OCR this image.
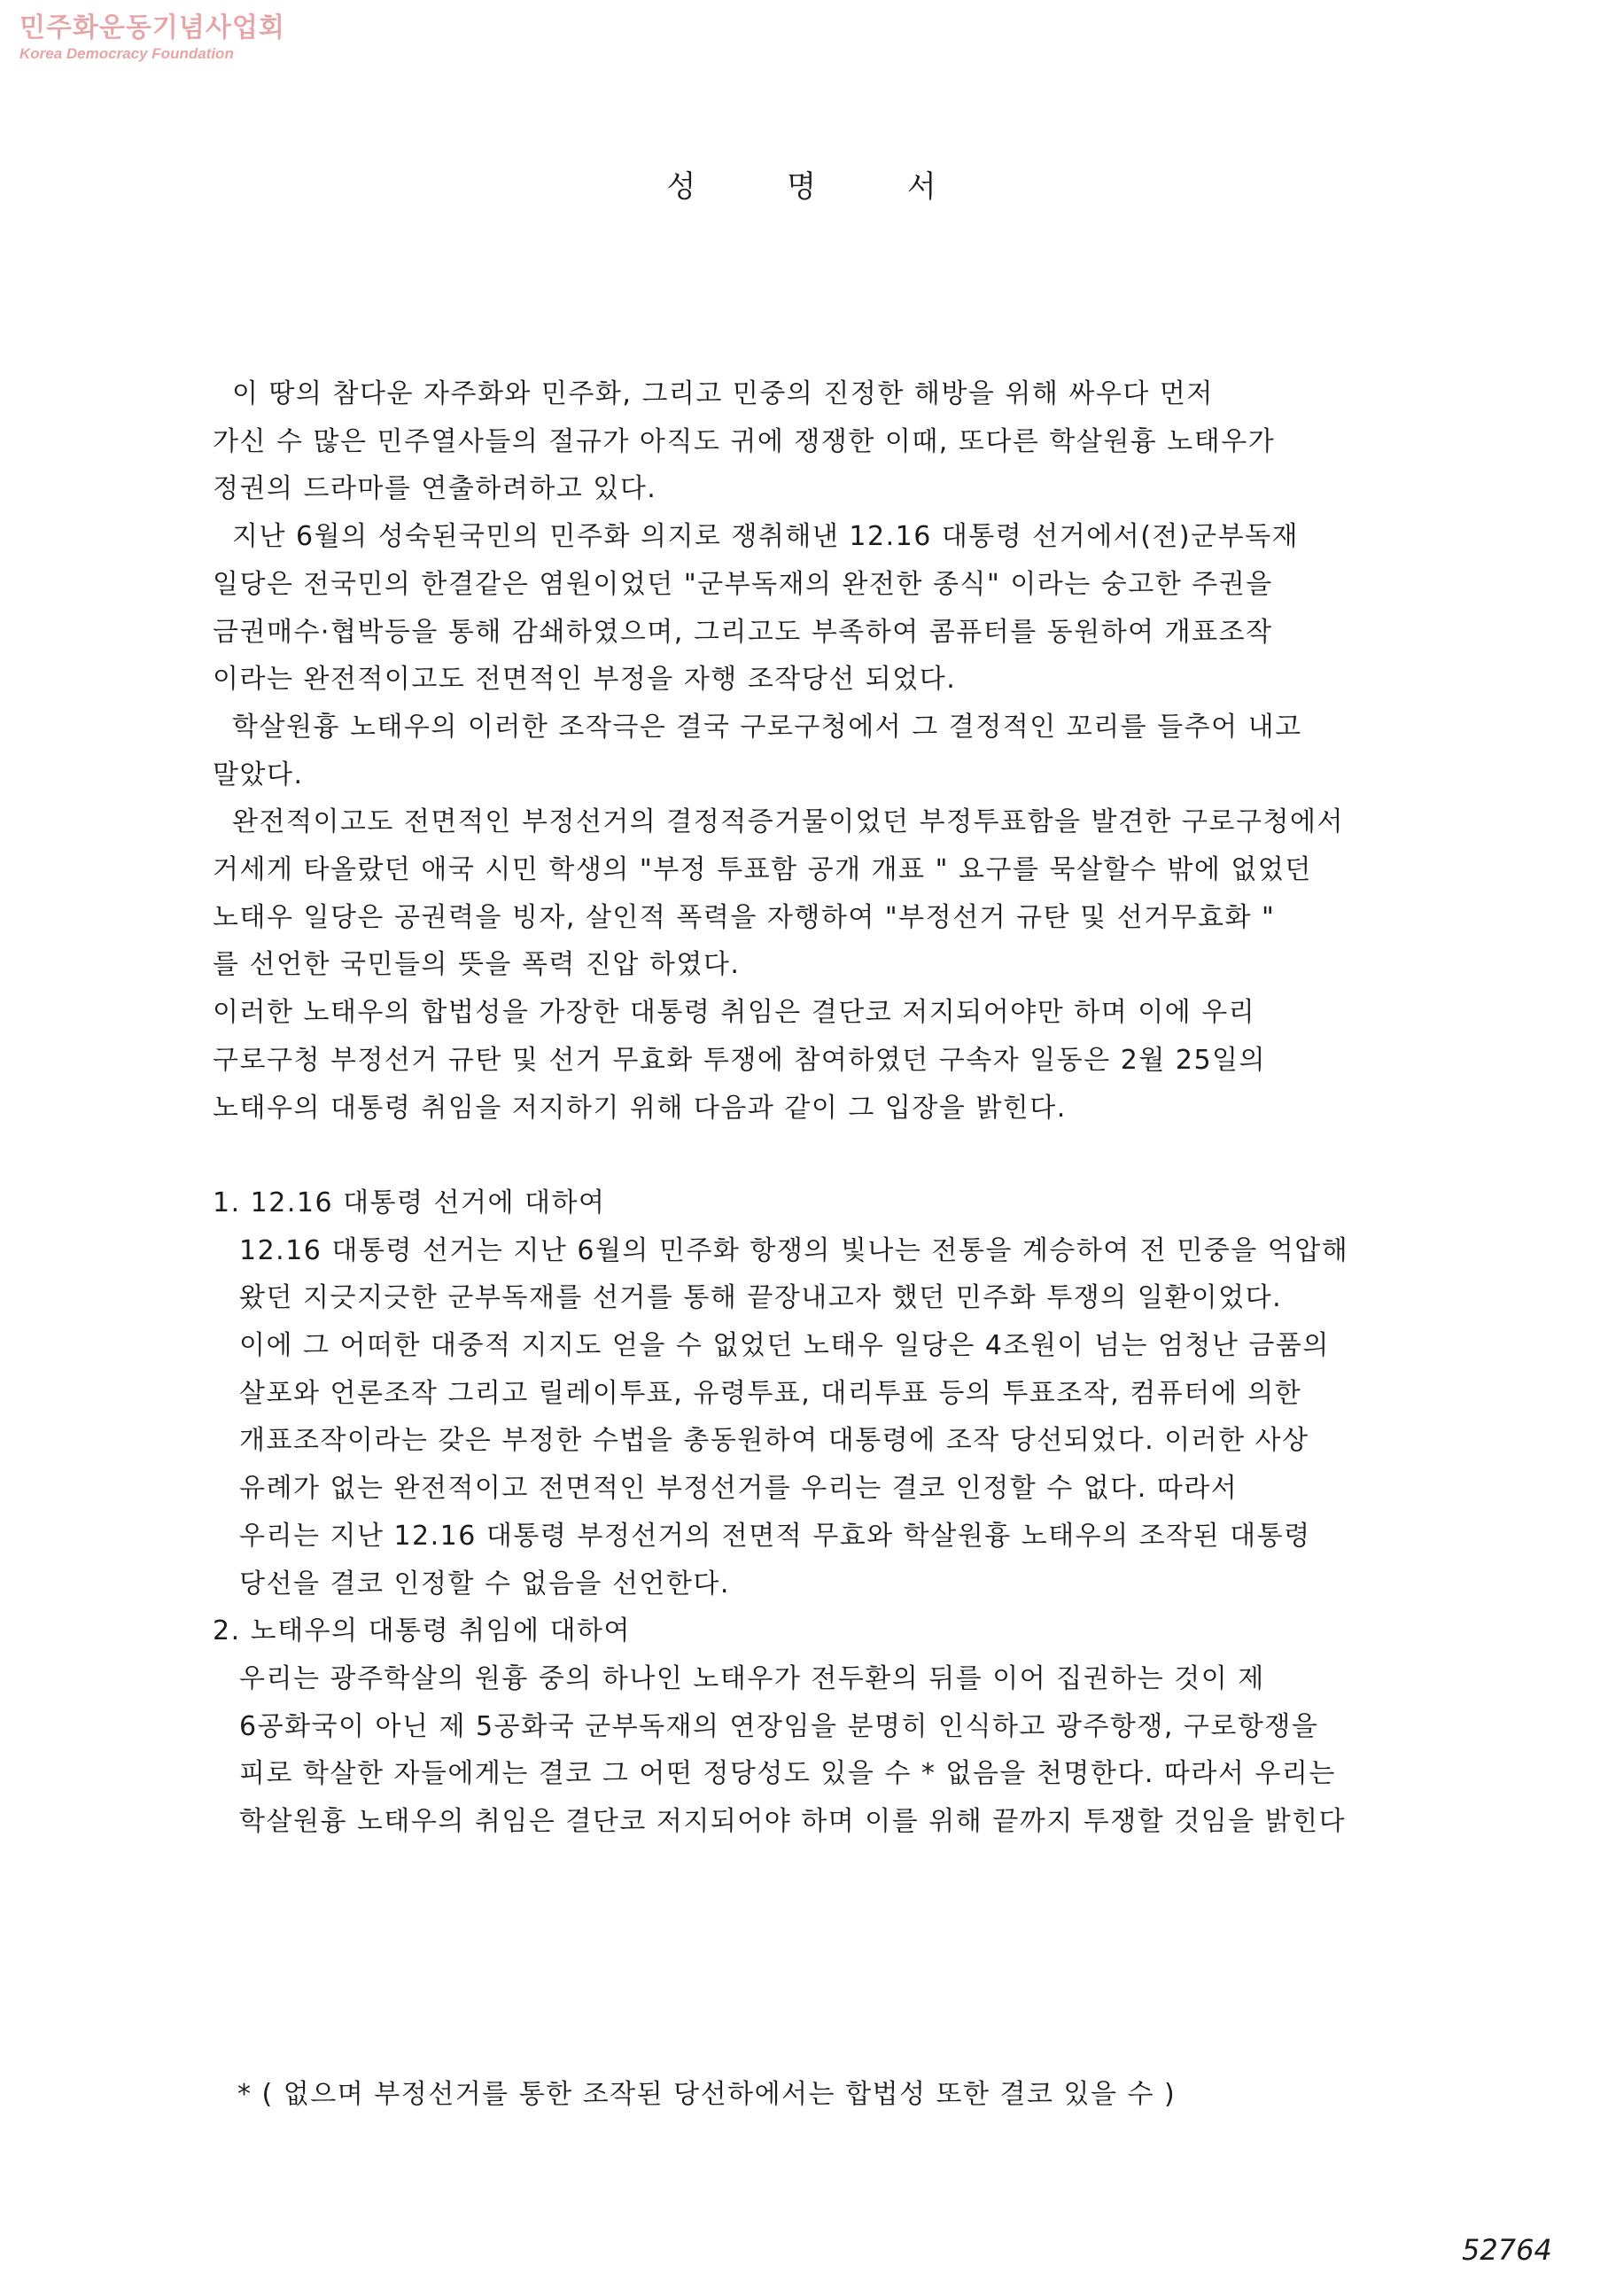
민주화운동기념사업회
Korea Democracy Foundation
성 명 서
이 땅의 참다운 자주화와 민주화, 그리고 민중의 진정한 해방을 위해 싸우다 먼저
가신 수 많은 민주열사들의 절규가 아직도 귀에 쟁쟁한 이때, 또다른 학살원흉 노태우가
정권의 드라마를 연출하려하고 있다.
지난 6월의 성숙된국민의 민주화 의지로 쟁취해낸 12.16 대통령 선거에서(전)군부독재
일당은 전국민의 한결같은 염원이었던 "군부독재의 완전한 종식" 이라는 숭고한 주권을
금권매수·협박등을 통해 감쇄하였으며, 그리고도 부족하여 콤퓨터를 동원하여 개표조작
이라는 완전적이고도 전면적인 부정을 자행 조작당선 되었다.
학살원흉 노태우의 이러한 조작극은 결국 구로구청에서 그 결정적인 꼬리를 들추어 내고
말았다.
완전적이고도 전면적인 부정선거의 결정적증거물이었던 부정투표함을 발견한 구로구청에서
거세게 타올랐던 애국 시민 학생의 "부정 투표함 공개 개표 " 요구를 묵살할수 밖에 없었던
노태우 일당은 공권력을 빙자, 살인적 폭력을 자행하여 "부정선거 규탄 및 선거무효화 "
를 선언한 국민들의 뜻을 폭력 진압 하였다.
이러한 노태우의 합법성을 가장한 대통령 취임은 결단코 저지되어야만 하며 이에 우리
구로구청 부정선거 규탄 및 선거 무효화 투쟁에 참여하였던 구속자 일동은 2월 25일의
노태우의 대통령 취임을 저지하기 위해 다음과 같이 그 입장을 밝힌다.

1. 12.16 대통령 선거에 대하여
12.16 대통령 선거는 지난 6월의 민주화 항쟁의 빛나는 전통을 계승하여 전 민중을 억압해
왔던 지긋지긋한 군부독재를 선거를 통해 끝장내고자 했던 민주화 투쟁의 일환이었다.
이에 그 어떠한 대중적 지지도 얻을 수 없었던 노태우 일당은 4조원이 넘는 엄청난 금품의
살포와 언론조작 그리고 릴레이투표, 유령투표, 대리투표 등의 투표조작, 컴퓨터에 의한
개표조작이라는 갖은 부정한 수법을 총동원하여 대통령에 조작 당선되었다. 이러한 사상
유례가 없는 완전적이고 전면적인 부정선거를 우리는 결코 인정할 수 없다. 따라서
우리는 지난 12.16 대통령 부정선거의 전면적 무효와 학살원흉 노태우의 조작된 대통령
당선을 결코 인정할 수 없음을 선언한다.
2. 노태우의 대통령 취임에 대하여
우리는 광주학살의 원흉 중의 하나인 노태우가 전두환의 뒤를 이어 집권하는 것이 제
6공화국이 아닌 제 5공화국 군부독재의 연장임을 분명히 인식하고 광주항쟁, 구로항쟁을
피로 학살한 자들에게는 결코 그 어떤 정당성도 있을 수 * 없음을 천명한다. 따라서 우리는
학살원흉 노태우의 취임은 결단코 저지되어야 하며 이를 위해 끝까지 투쟁할 것임을 밝힌다
* ( 없으며 부정선거를 통한 조작된 당선하에서는 합법성 또한 결코 있을 수 )
52764
